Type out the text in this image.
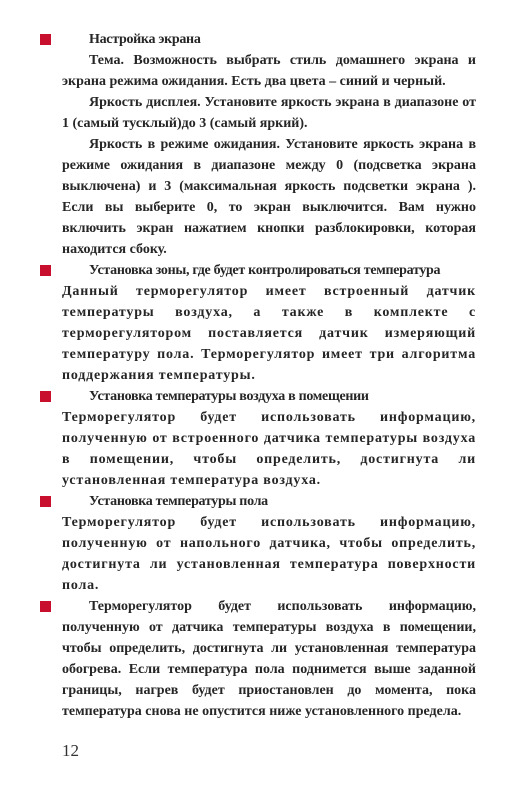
Настройка экрана
Тема. Возможность выбрать стиль домашнего экрана и экрана режима ожидания. Есть два цвета – синий и черный.
Яркость дисплея. Установите яркость экрана в диапазоне от 1 (самый тусклый)до 3 (самый яркий).
Яркость в режиме ожидания. Установите яркость экрана в режиме ожидания в диапазоне между 0 (подсветка экрана выключена) и 3 (максимальная яркость подсветки экрана ). Если вы выберите 0, то экран выключится. Вам нужно включить экран нажатием кнопки разблокировки, которая находится сбоку.
Установка зоны, где будет контролироваться температура
Данный терморегулятор имеет встроенный датчик температуры воздуха, а также в комплекте с терморегулятором поставляется датчик измеряющий температуру пола. Терморегулятор имеет три алгоритма поддержания температуры.
Установка температуры воздуха в помещении
Терморегулятор будет использовать информацию, полученную от встроенного датчика температуры воздуха в помещении, чтобы определить, достигнута ли установленная температура воздуха.
Установка температуры пола
Терморегулятор будет использовать информацию, полученную от напольного датчика, чтобы определить, достигнута ли установленная температура поверхности пола.
Терморегулятор будет использовать информацию, полученную от датчика температуры воздуха в помещении, чтобы определить, достигнута ли установленная температура обогрева. Если температура пола поднимется выше заданной границы, нагрев будет приостановлен до момента, пока температура снова не опустится ниже установленного предела.
12
